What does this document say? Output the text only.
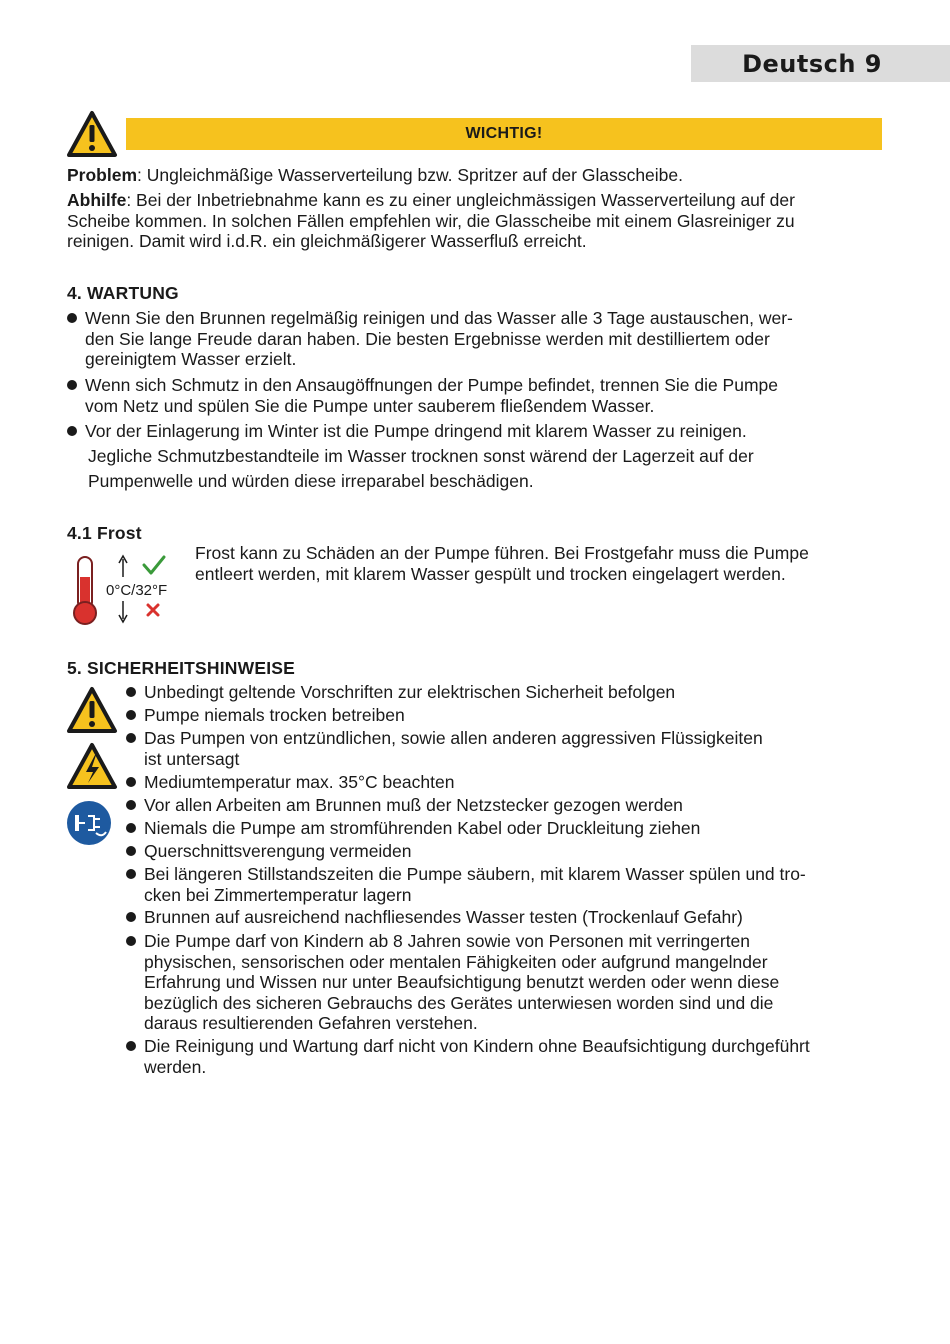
Deutsch 9
WICHTIG!

Problem: Ungleichmäßige Wasserverteilung bzw. Spritzer auf der Glasscheibe.

Abhilfe: Bei der Inbetriebnahme kann es zu einer ungleichmässigen Wasserverteilung auf der
Scheibe kommen. In solchen Fällen empfehlen wir, die Glasscheibe mit einem Glasreiniger zu
reinigen. Damit wird i.d.R. ein gleichmäßigerer Wasserfluß erreicht.

4. WARTUNG

Wenn Sie den Brunnen regelmäßig reinigen und das Wasser alle 3 Tage austauschen, wer-
den Sie lange Freude daran haben. Die besten Ergebnisse werden mit destilliertem oder
gereinigtem Wasser erzielt.

Wenn sich Schmutz in den Ansaugöffnungen der Pumpe befindet, trennen Sie die Pumpe
vom Netz und spülen Sie die Pumpe unter sauberem fließendem Wasser.

Vor der Einlagerung im Winter ist die Pumpe dringend mit klarem Wasser zu reinigen.

Jegliche Schmutzbestandteile im Wasser trocknen sonst wärend der Lagerzeit auf der

Pumpenwelle und würden diese irreparabel beschädigen.

4.1 Frost
0°C/32°F

Frost kann zu Schäden an der Pumpe führen. Bei Frostgefahr muss die Pumpe
entleert werden, mit klarem Wasser gespült und trocken eingelagert werden.

5. SICHERHEITSHINWEISE

Unbedingt geltende Vorschriften zur elektrischen Sicherheit befolgen

Pumpe niemals trocken betreiben

Das Pumpen von entzündlichen, sowie allen anderen aggressiven Flüssigkeiten
ist untersagt

Mediumtemperatur max. 35°C beachten

Vor allen Arbeiten am Brunnen muß der Netzstecker gezogen werden

Niemals die Pumpe am stromführenden Kabel oder Druckleitung ziehen

Querschnittsverengung vermeiden

Bei längeren Stillstandszeiten die Pumpe säubern, mit klarem Wasser spülen und tro-
cken bei Zimmertemperatur lagern

Brunnen auf ausreichend nachfliesendes Wasser testen (Trockenlauf Gefahr)

Die Pumpe darf von Kindern ab 8 Jahren sowie von Personen mit verringerten
physischen, sensorischen oder mentalen Fähigkeiten oder aufgrund mangelnder
Erfahrung und Wissen nur unter Beaufsichtigung benutzt werden oder wenn diese
bezüglich des sicheren Gebrauchs des Gerätes unterwiesen worden sind und die
daraus resultierenden Gefahren verstehen.

Die Reinigung und Wartung darf nicht von Kindern ohne Beaufsichtigung durchgeführt
werden.
